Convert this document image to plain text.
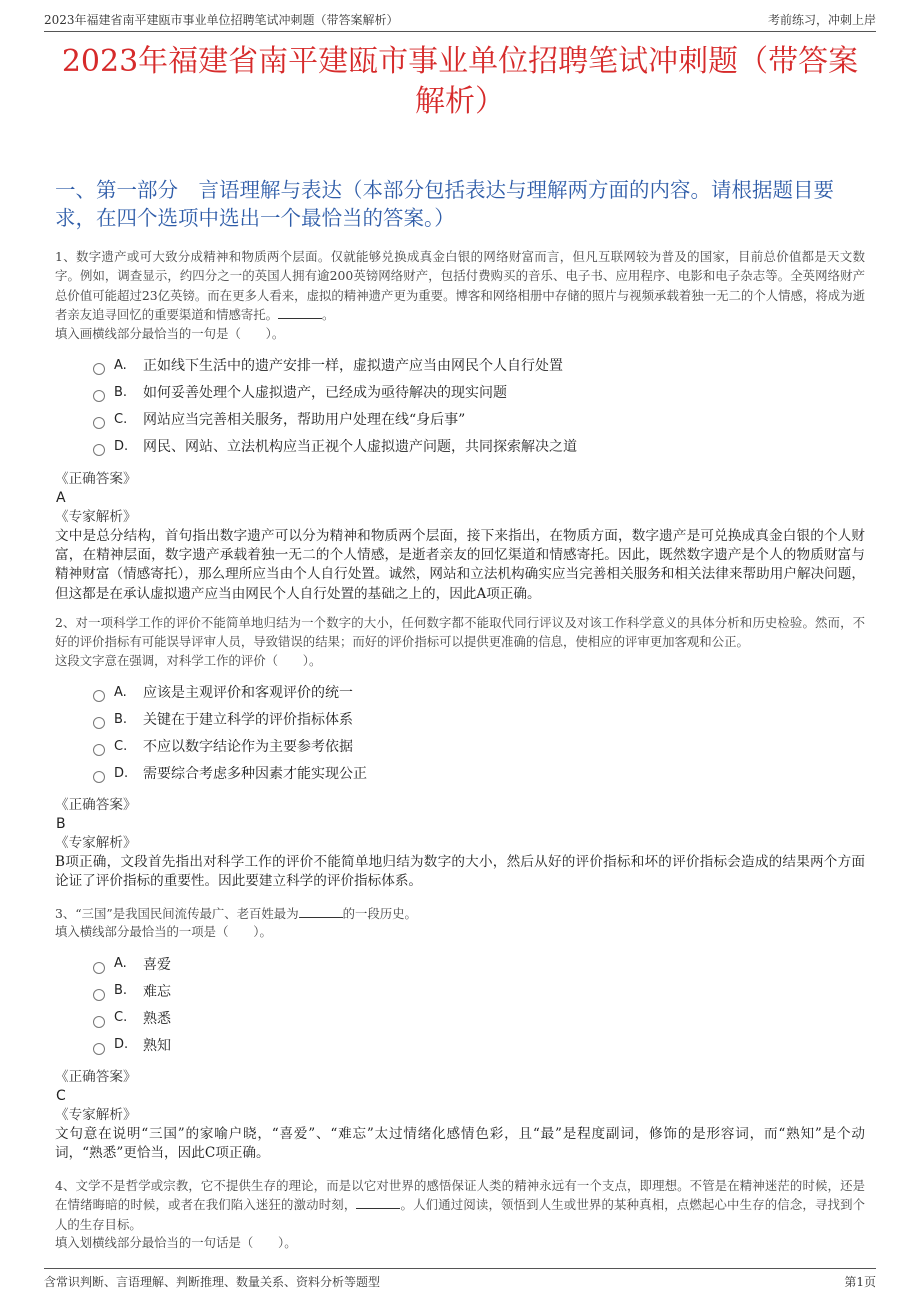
2023年福建省南平建瓯市事业单位招聘笔试冲刺题（带答案解析）	考前练习，冲刺上岸
2023年福建省南平建瓯市事业单位招聘笔试冲刺题（带答案解析）
一、第一部分　言语理解与表达（本部分包括表达与理解两方面的内容。请根据题目要求，在四个选项中选出一个最恰当的答案。）
1、数字遗产或可大致分成精神和物质两个层面。仅就能够兑换成真金白银的网络财富而言，但凡互联网较为普及的国家，目前总价值都是天文数字。例如，调查显示，约四分之一的英国人拥有逾200英镑网络财产，包括付费购买的音乐、电子书、应用程序、电影和电子杂志等。全英网络财产总价值可能超过23亿英镑。而在更多人看来，虚拟的精神遗产更为重要。博客和网络相册中存储的照片与视频承载着独一无二的个人情感，将成为逝者亲友追寻回忆的重要渠道和情感寄托。	。
填入画横线部分最恰当的一句是（　　）。
A.	正如线下生活中的遗产安排一样，虚拟遗产应当由网民个人自行处置
B.	如何妥善处理个人虚拟遗产，已经成为亟待解决的现实问题
C.	网站应当完善相关服务，帮助用户处理在线“身后事”
D.	网民、网站、立法机构应当正视个人虚拟遗产问题，共同探索解决之道
《正确答案》
A
《专家解析》
文中是总分结构，首句指出数字遗产可以分为精神和物质两个层面，接下来指出，在物质方面，数字遗产是可兑换成真金白银的个人财富，在精神层面，数字遗产承载着独一无二的个人情感，是逝者亲友的回忆渠道和情感寄托。因此，既然数字遗产是个人的物质财富与精神财富（情感寄托），那么理所应当由个人自行处置。诚然，网站和立法机构确实应当完善相关服务和相关法律来帮助用户解决问题，但这都是在承认虚拟遗产应当由网民个人自行处置的基础之上的，因此A项正确。
2、对一项科学工作的评价不能简单地归结为一个数字的大小，任何数字都不能取代同行评议及对该工作科学意义的具体分析和历史检验。然而，不好的评价指标有可能误导评审人员，导致错误的结果；而好的评价指标可以提供更准确的信息，使相应的评审更加客观和公正。
这段文字意在强调，对科学工作的评价（　　）。
A.	应该是主观评价和客观评价的统一
B.	关键在于建立科学的评价指标体系
C.	不应以数字结论作为主要参考依据
D.	需要综合考虑多种因素才能实现公正
《正确答案》
B
《专家解析》
B项正确，文段首先指出对科学工作的评价不能简单地归结为数字的大小，然后从好的评价指标和坏的评价指标会造成的结果两个方面论证了评价指标的重要性。因此要建立科学的评价指标体系。
3、“三国”是我国民间流传最广、老百姓最为	的一段历史。
填入横线部分最恰当的一项是（　　）。
A.	喜爱
B.	难忘
C.	熟悉
D.	熟知
《正确答案》
C
《专家解析》
文句意在说明“三国”的家喻户晓，“喜爱”、“难忘”太过情绪化感情色彩，且“最”是程度副词，修饰的是形容词，而“熟知”是个动词，“熟悉”更恰当，因此C项正确。
4、文学不是哲学或宗教，它不提供生存的理论，而是以它对世界的感悟保证人类的精神永远有一个支点，即理想。不管是在精神迷茫的时候，还是在情绪晦暗的时候，或者在我们陷入迷狂的激动时刻，	。人们通过阅读，领悟到人生或世界的某种真相，点燃起心中生存的信念，寻找到个人的生存目标。
填入划横线部分最恰当的一句话是（　　）。
含常识判断、言语理解、判断推理、数量关系、资料分析等题型	第1页
